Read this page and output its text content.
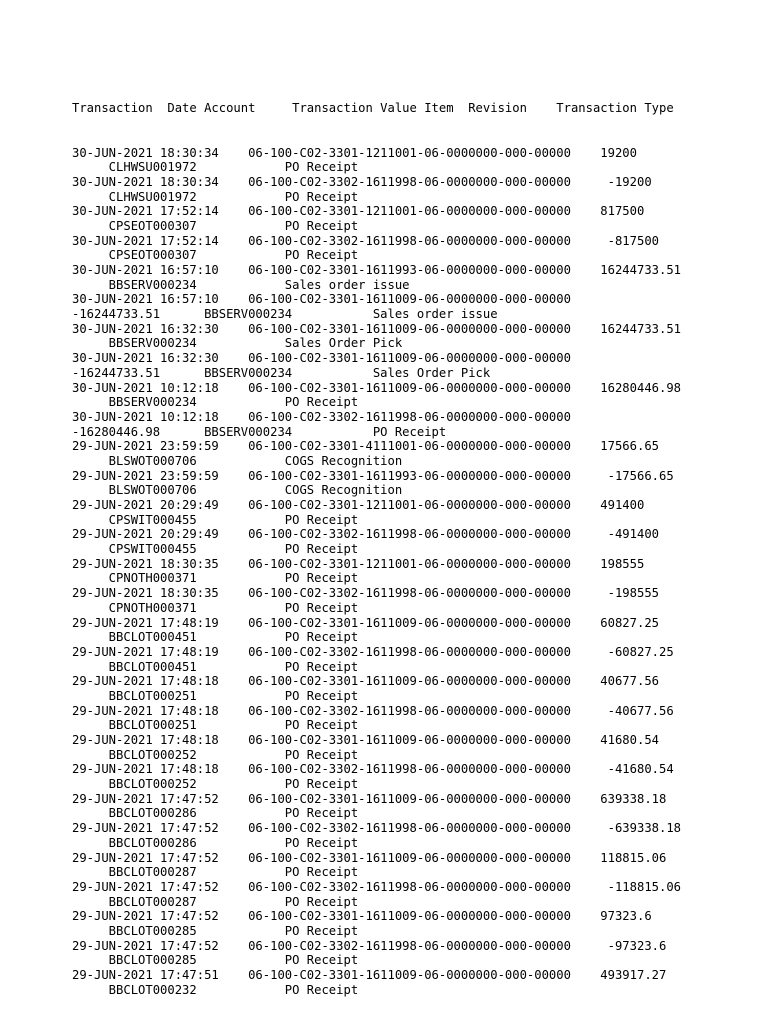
Transaction  Date Account     Transaction Value Item  Revision    Transaction Type

30-JUN-2021 18:30:34    06-100-C02-3301-1211001-06-0000000-000-00000    19200
CLHWSU001972            PO Receipt
30-JUN-2021 18:30:34    06-100-C02-3302-1611998-06-0000000-000-00000     -19200
CLHWSU001972            PO Receipt
30-JUN-2021 17:52:14    06-100-C02-3301-1211001-06-0000000-000-00000    817500
CPSEOT000307            PO Receipt
30-JUN-2021 17:52:14    06-100-C02-3302-1611998-06-0000000-000-00000     -817500
CPSEOT000307            PO Receipt
30-JUN-2021 16:57:10    06-100-C02-3301-1611993-06-0000000-000-00000    16244733.51
BBSERV000234            Sales order issue
30-JUN-2021 16:57:10    06-100-C02-3301-1611009-06-0000000-000-00000
-16244733.51      BBSERV000234           Sales order issue
30-JUN-2021 16:32:30    06-100-C02-3301-1611009-06-0000000-000-00000    16244733.51
BBSERV000234            Sales Order Pick
30-JUN-2021 16:32:30    06-100-C02-3301-1611009-06-0000000-000-00000
-16244733.51      BBSERV000234           Sales Order Pick
30-JUN-2021 10:12:18    06-100-C02-3301-1611009-06-0000000-000-00000    16280446.98
BBSERV000234            PO Receipt
30-JUN-2021 10:12:18    06-100-C02-3302-1611998-06-0000000-000-00000
-16280446.98      BBSERV000234           PO Receipt
29-JUN-2021 23:59:59    06-100-C02-3301-4111001-06-0000000-000-00000    17566.65
BLSWOT000706            COGS Recognition
29-JUN-2021 23:59:59    06-100-C02-3301-1611993-06-0000000-000-00000     -17566.65
BLSWOT000706            COGS Recognition
29-JUN-2021 20:29:49    06-100-C02-3301-1211001-06-0000000-000-00000    491400
CPSWIT000455            PO Receipt
29-JUN-2021 20:29:49    06-100-C02-3302-1611998-06-0000000-000-00000     -491400
CPSWIT000455            PO Receipt
29-JUN-2021 18:30:35    06-100-C02-3301-1211001-06-0000000-000-00000    198555
CPNOTH000371            PO Receipt
29-JUN-2021 18:30:35    06-100-C02-3302-1611998-06-0000000-000-00000     -198555
CPNOTH000371            PO Receipt
29-JUN-2021 17:48:19    06-100-C02-3301-1611009-06-0000000-000-00000    60827.25
BBCLOT000451            PO Receipt
29-JUN-2021 17:48:19    06-100-C02-3302-1611998-06-0000000-000-00000     -60827.25
BBCLOT000451            PO Receipt
29-JUN-2021 17:48:18    06-100-C02-3301-1611009-06-0000000-000-00000    40677.56
BBCLOT000251            PO Receipt
29-JUN-2021 17:48:18    06-100-C02-3302-1611998-06-0000000-000-00000     -40677.56
BBCLOT000251            PO Receipt
29-JUN-2021 17:48:18    06-100-C02-3301-1611009-06-0000000-000-00000    41680.54
BBCLOT000252            PO Receipt
29-JUN-2021 17:48:18    06-100-C02-3302-1611998-06-0000000-000-00000     -41680.54
BBCLOT000252            PO Receipt
29-JUN-2021 17:47:52    06-100-C02-3301-1611009-06-0000000-000-00000    639338.18
BBCLOT000286            PO Receipt
29-JUN-2021 17:47:52    06-100-C02-3302-1611998-06-0000000-000-00000     -639338.18
BBCLOT000286            PO Receipt
29-JUN-2021 17:47:52    06-100-C02-3301-1611009-06-0000000-000-00000    118815.06
BBCLOT000287            PO Receipt
29-JUN-2021 17:47:52    06-100-C02-3302-1611998-06-0000000-000-00000     -118815.06
BBCLOT000287            PO Receipt
29-JUN-2021 17:47:52    06-100-C02-3301-1611009-06-0000000-000-00000    97323.6
BBCLOT000285            PO Receipt
29-JUN-2021 17:47:52    06-100-C02-3302-1611998-06-0000000-000-00000     -97323.6
BBCLOT000285            PO Receipt
29-JUN-2021 17:47:51    06-100-C02-3301-1611009-06-0000000-000-00000    493917.27
BBCLOT000232            PO Receipt
